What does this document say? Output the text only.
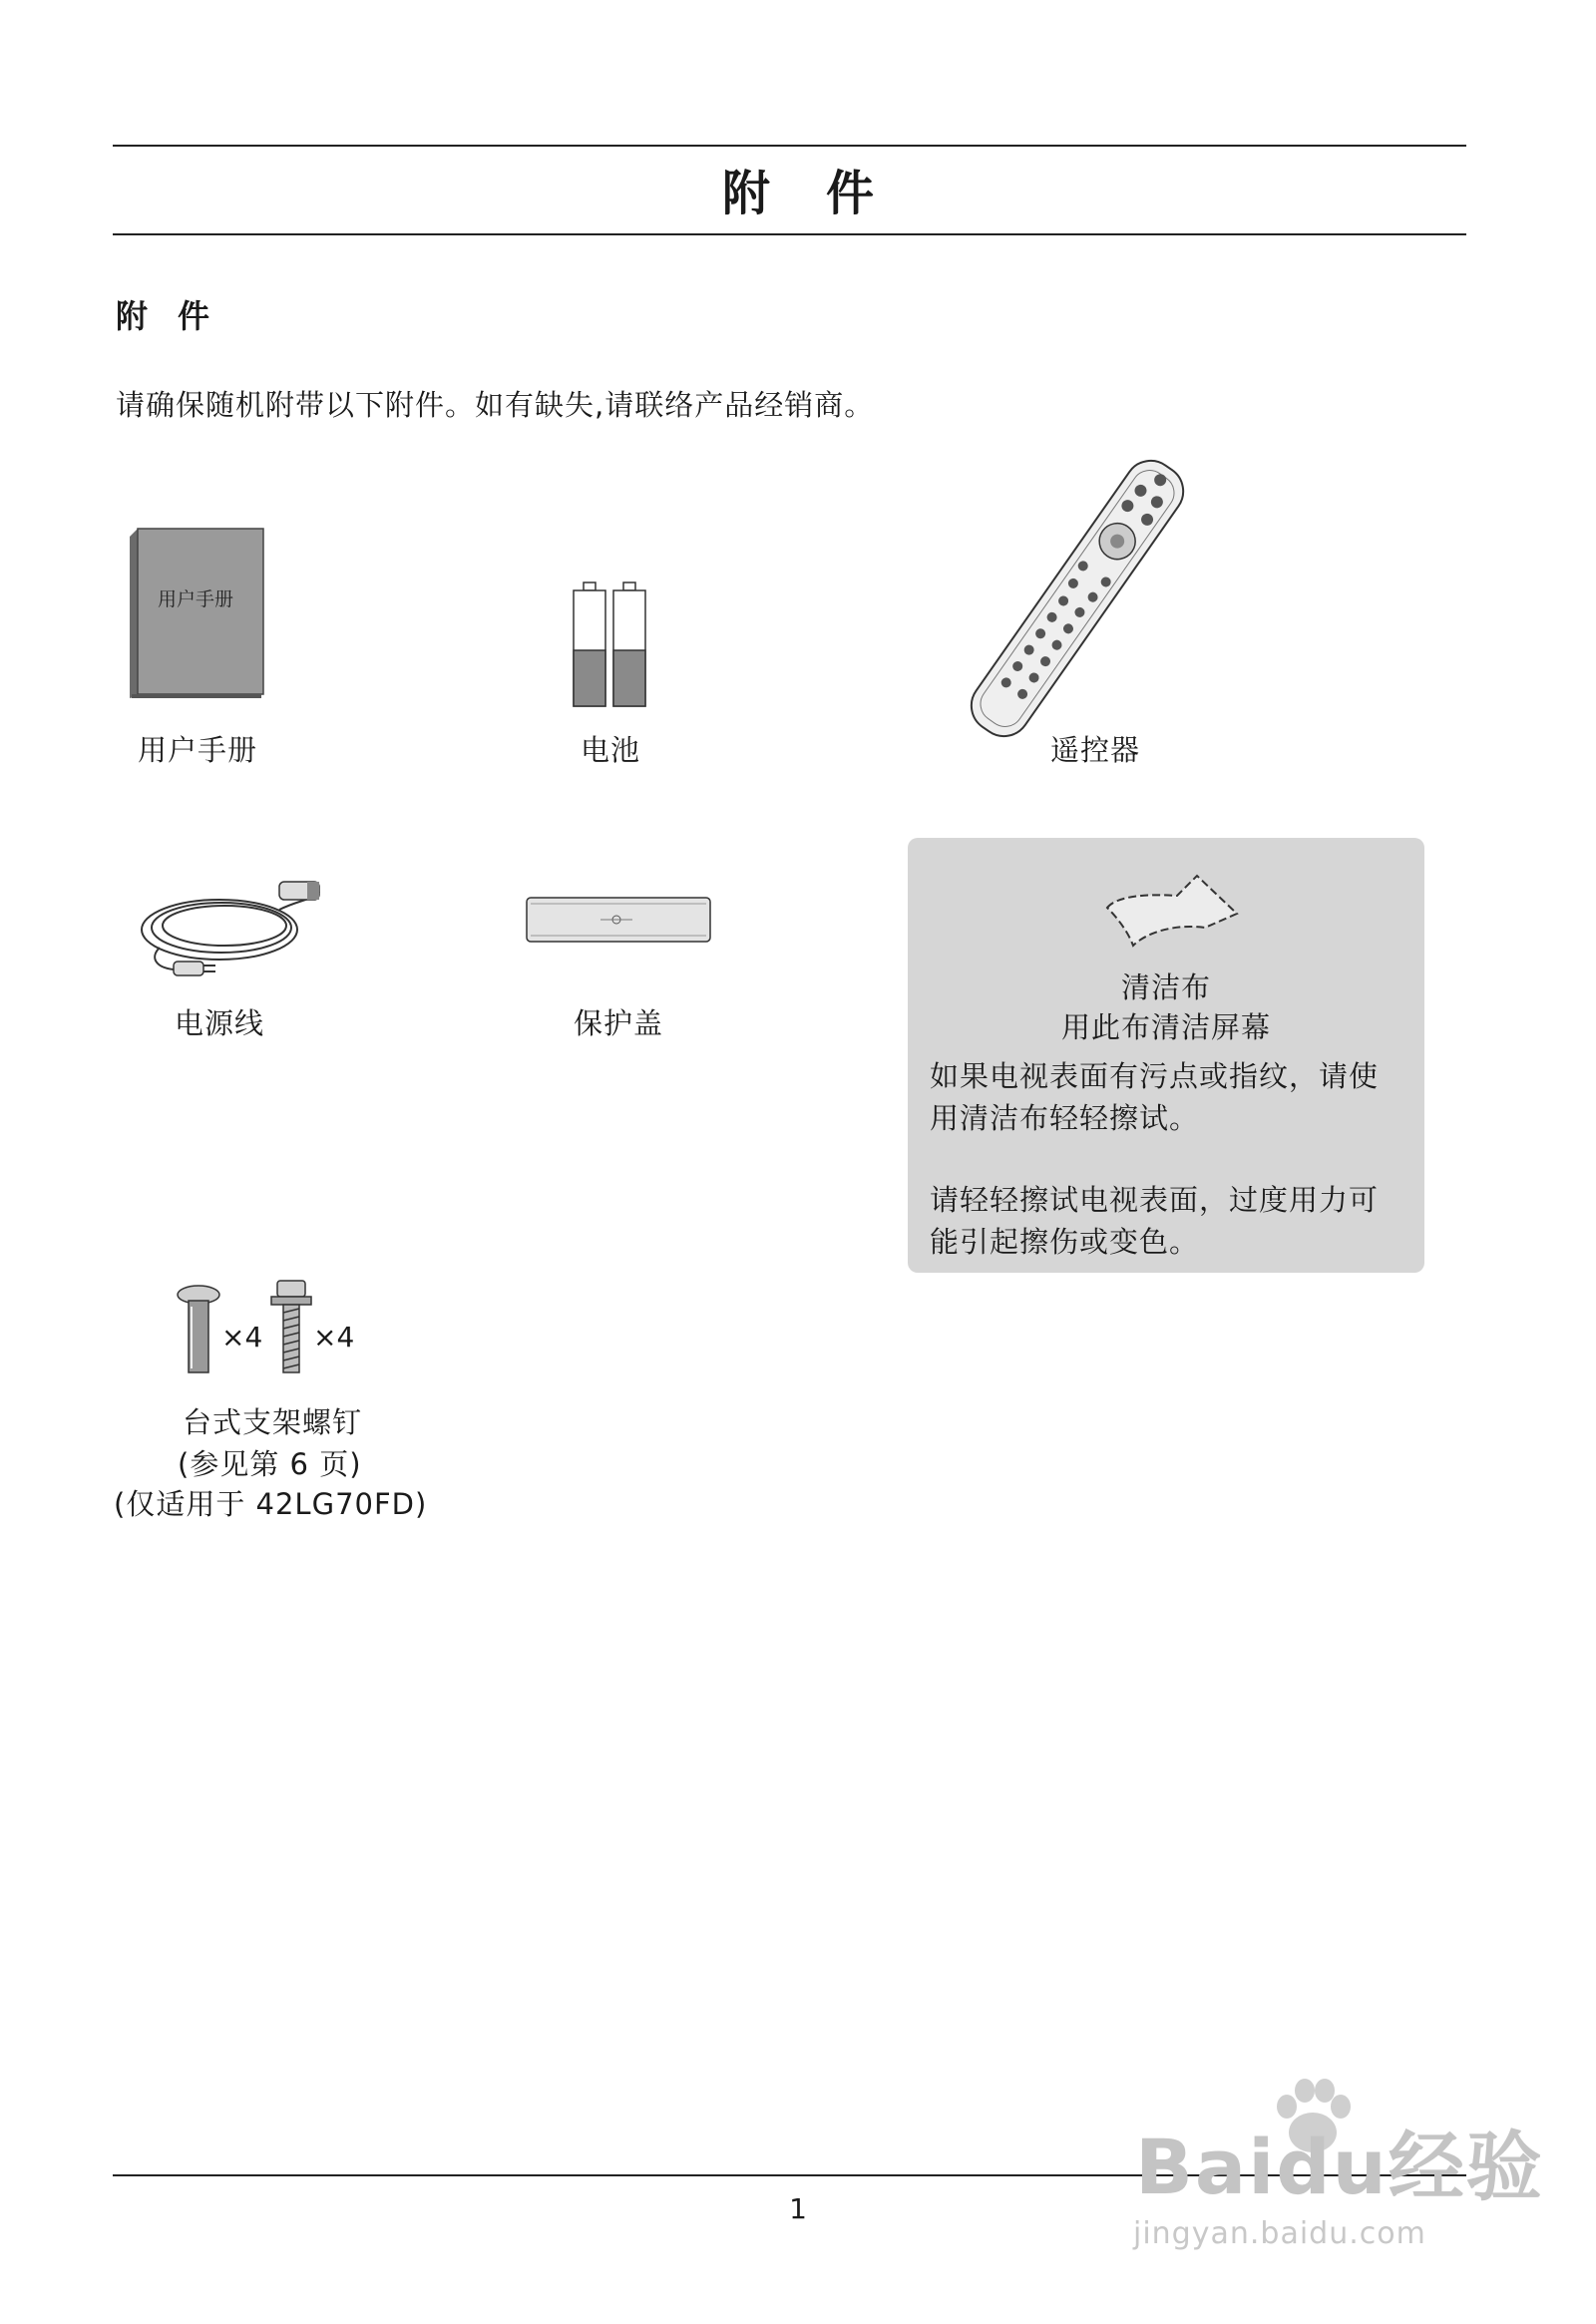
附件
附件
请确保随机附带以下附件。如有缺失,请联络产品经销商。
用户手册
用户手册	电池	遥控器
电源线	保护盖
清洁布
用此布清洁屏幕
如果电视表面有污点或指纹，请使
用清洁布轻轻擦试。
请轻轻擦试电视表面，过度用力可
能引起擦伤或变色。
×4 ×4
台式支架螺钉
(参见第 6 页)
(仅适用于 42LG70FD)
1	Baidu经验
jingyan.baidu.com
